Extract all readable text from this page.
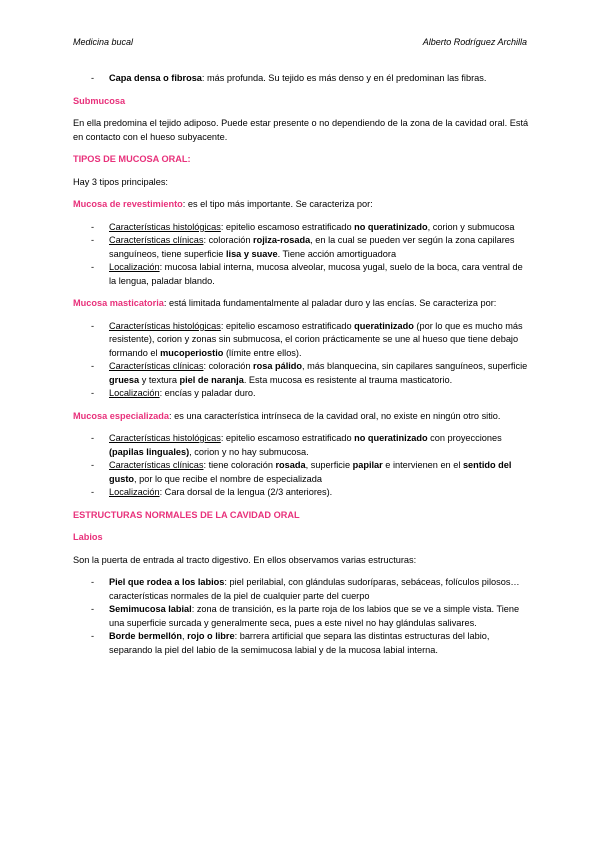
Medicina bucal	Alberto Rodríguez Archilla
- Capa densa o fibrosa: más profunda. Su tejido es más denso y en él predominan las fibras.

Submucosa

En ella predomina el tejido adiposo. Puede estar presente o no dependiendo de la zona de la cavidad oral. Está en contacto con el hueso subyacente.

TIPOS DE MUCOSA ORAL:

Hay 3 tipos principales:

Mucosa de revestimiento: es el tipo más importante. Se caracteriza por:

- Características histológicas: epitelio escamoso estratificado no queratinizado, corion y submucosa
- Características clínicas: coloración rojiza-rosada, en la cual se pueden ver según la zona capilares sanguíneos, tiene superficie lisa y suave. Tiene acción amortiguadora
- Localización: mucosa labial interna, mucosa alveolar, mucosa yugal, suelo de la boca, cara ventral de la lengua, paladar blando.

Mucosa masticatoria: está limitada fundamentalmente al paladar duro y las encías. Se caracteriza por:

- Características histológicas: epitelio escamoso estratificado queratinizado (por lo que es mucho más resistente), corion y zonas sin submucosa, el corion prácticamente se une al hueso que tiene debajo formando el mucoperiostio (límite entre ellos).
- Características clínicas: coloración rosa pálido, más blanquecina, sin capilares sanguíneos, superficie gruesa y textura piel de naranja. Esta mucosa es resistente al trauma masticatorio.
- Localización: encías y paladar duro.

Mucosa especializada: es una característica intrínseca de la cavidad oral, no existe en ningún otro sitio.

- Características histológicas: epitelio escamoso estratificado no queratinizado con proyecciones (papilas linguales), corion y no hay submucosa.
- Características clínicas: tiene coloración rosada, superficie papilar e intervienen en el sentido del gusto, por lo que recibe el nombre de especializada
- Localización: Cara dorsal de la lengua (2/3 anteriores).

ESTRUCTURAS NORMALES DE LA CAVIDAD ORAL

Labios

Son la puerta de entrada al tracto digestivo. En ellos observamos varias estructuras:

- Piel que rodea a los labios: piel perilabial, con glándulas sudoríparas, sebáceas, folículos pilosos… características normales de la piel de cualquier parte del cuerpo
- Semimucosa labial: zona de transición, es la parte roja de los labios que se ve a simple vista. Tiene una superficie surcada y generalmente seca, pues a este nivel no hay glándulas salivares.
- Borde bermellón, rojo o libre: barrera artificial que separa las distintas estructuras del labio, separando la piel del labio de la semimucosa labial y de la mucosa labial interna.
